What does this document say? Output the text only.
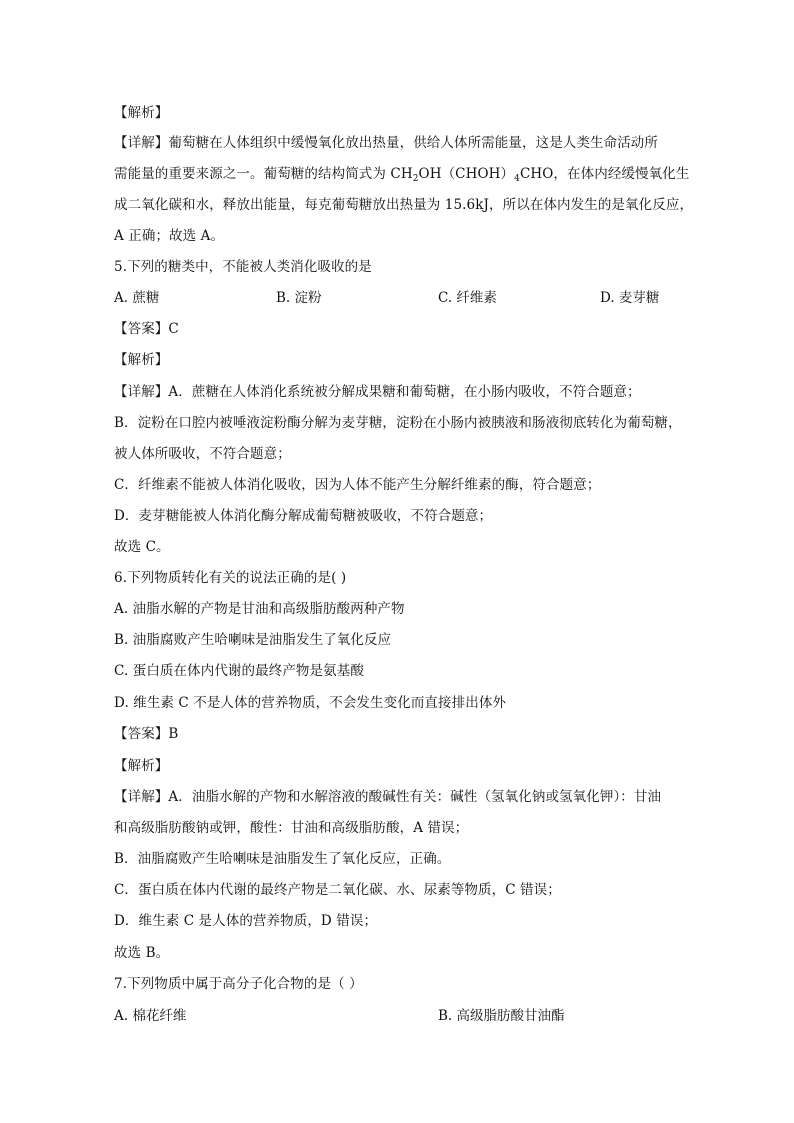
【解析】
【详解】葡萄糖在人体组织中缓慢氧化放出热量，供给人体所需能量，这是人类生命活动所
需能量的重要来源之一。葡萄糖的结构简式为 $CH_2OH(CHOH)_4CHO$，在体内经缓慢氧化生
成二氧化碳和水，释放出能量，每克葡萄糖放出热量为 15.6kJ，所以在体内发生的是氧化反应，
A 正确；故选 A。
5.下列的糖类中，不能被人类消化吸收的是
A. 蔗糖	B. 淀粉	C. 纤维素	D. 麦芽糖
【答案】C
【解析】
【详解】A．蔗糖在人体消化系统被分解成果糖和葡萄糖，在小肠内吸收，不符合题意；
B．淀粉在口腔内被唾液淀粉酶分解为麦芽糖，淀粉在小肠内被胰液和肠液彻底转化为葡萄糖，
被人体所吸收，不符合题意；
C．纤维素不能被人体消化吸收，因为人体不能产生分解纤维素的酶，符合题意；
D．麦芽糖能被人体消化酶分解成葡萄糖被吸收，不符合题意；
故选 C。
6.下列物质转化有关的说法正确的是( )
A. 油脂水解的产物是甘油和高级脂肪酸两种产物
B. 油脂腐败产生哈喇味是油脂发生了氧化反应
C. 蛋白质在体内代谢的最终产物是氨基酸
D. 维生素 C 不是人体的营养物质，不会发生变化而直接排出体外
【答案】B
【解析】
【详解】A．油脂水解的产物和水解溶液的酸碱性有关：碱性（氢氧化钠或氢氧化钾）：甘油
和高级脂肪酸钠或钾，酸性：甘油和高级脂肪酸，A 错误；
B．油脂腐败产生哈喇味是油脂发生了氧化反应，正确。
C．蛋白质在体内代谢的最终产物是二氧化碳、水、尿素等物质，C 错误；
D．维生素 C 是人体的营养物质，D 错误；
故选 B。
7.下列物质中属于高分子化合物的是（ ）
A. 棉花纤维	B. 高级脂肪酸甘油酯
